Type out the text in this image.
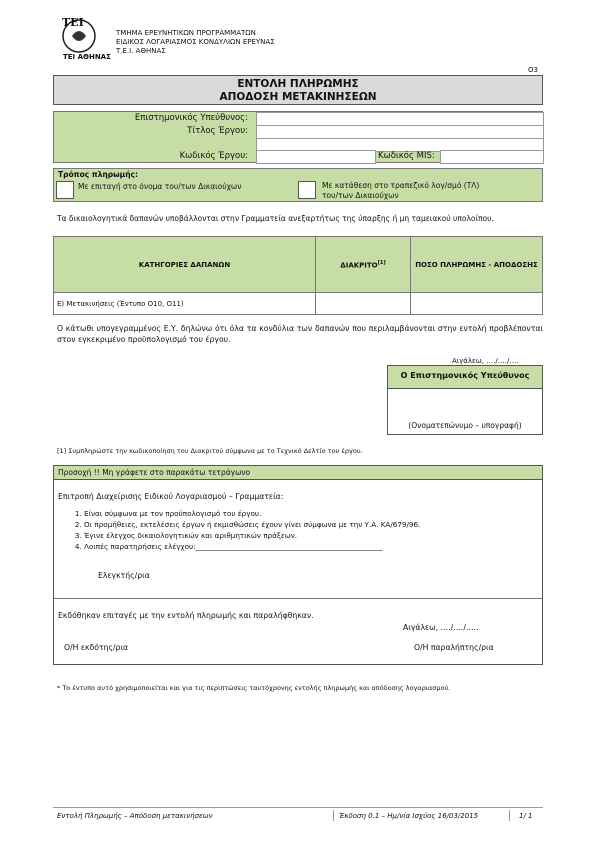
ΤΕΙ
ΤΕΙ ΑΘΗΝΑΣ
ΤΜΗΜΑ ΕΡΕΥΝΗΤΙΚΩΝ ΠΡΟΓΡΑΜΜΑΤΩΝ
ΕΙΔΙΚΟΣ ΛΟΓΑΡΙΑΣΜΟΣ ΚΟΝΔΥΛΙΩΝ ΕΡΕΥΝΑΣ
Τ.Ε.Ι. ΑΘΗΝΑΣ
Ο3
ΕΝΤΟΛΗ ΠΛΗΡΩΜΗΣ
ΑΠΟΔΟΣΗ ΜΕΤΑΚΙΝΗΣΕΩΝ
Επιστημονικός Υπεύθυνος:
Τίτλος Έργου:
Κωδικός Έργου:	Κωδικός MIS:
Τρόπος πληρωμής:
Με επιταγή στο όνομα του/των Δικαιούχων	Με κατάθεση στο τραπεζικό λογ/σμό (ΤΛ)
του/των Δικαιούχων
Τα δικαιολογητικά δαπανών υποβάλλονται στην Γραμματεία ανεξαρτήτως της ύπαρξης ή μη ταμειακού υπολοίπου.
ΚΑΤΗΓΟΡΙΕΣ ΔΑΠΑΝΩΝ	ΔΙΑΚΡΙΤΟ[1]	ΠΟΣΟ ΠΛΗΡΩΜΗΣ - ΑΠΟΔΟΣΗΣ
Ε) Μετακινήσεις (Έντυπο Ο10, Ο11)		
Ο κάτωθι υπογεγραμμένος Ε.Υ. δηλώνω ότι όλα τα κονδύλια των δαπανών που περιλαμβάνονται στην εντολή προβλέπονται στον εγκεκριμένο προϋπολογισμό του έργου.
Αιγάλεω, …./…./….
Ο Επιστημονικός Υπεύθυνος
(Ονοματεπώνυμο – υπογραφή)
[1] Συμπληρώστε την κωδικοποίηση του Διακριτού σύμφωνα με το Τεχνικό Δελτίο του έργου.
Προσοχή !! Μη γράφετε στο παρακάτω τετράγωνο
Επιτροπή Διαχείρισης Ειδικού Λογαριασμού – Γραμματεία:
1. Είναι σύμφωνα με τον προϋπολογισμό του έργου.
2. Οι προμήθειες, εκτελέσεις έργων ή εκμισθώσεις έχουν γίνει σύμφωνα με την Υ.Α. ΚΑ/679/96.
3. Έγινε έλεγχος δικαιολογητικών και αριθμητικών πράξεων.
4. Λοιπές παρατηρήσεις ελέγχου:____________________________________________________
Ελεγκτής/ρια
Εκδόθηκαν επιταγές με την εντολή πληρωμής και παραλήφθηκαν.
Αιγάλεω, …./…./…..
Ο/Η εκδότης/ρια	Ο/Η παραλήπτης/ρια
* Το έντυπο αυτό χρησιμοποιείται και για τις περιπτώσεις ταυτόχρονης εντολής πληρωμής και απόδοσης λογαριασμού.
Εντολή Πληρωμής – Απόδοση μετακινήσεων	Έκδοση 0.1 – Ημ/νία Ισχύος 16/03/2015	1/ 1
